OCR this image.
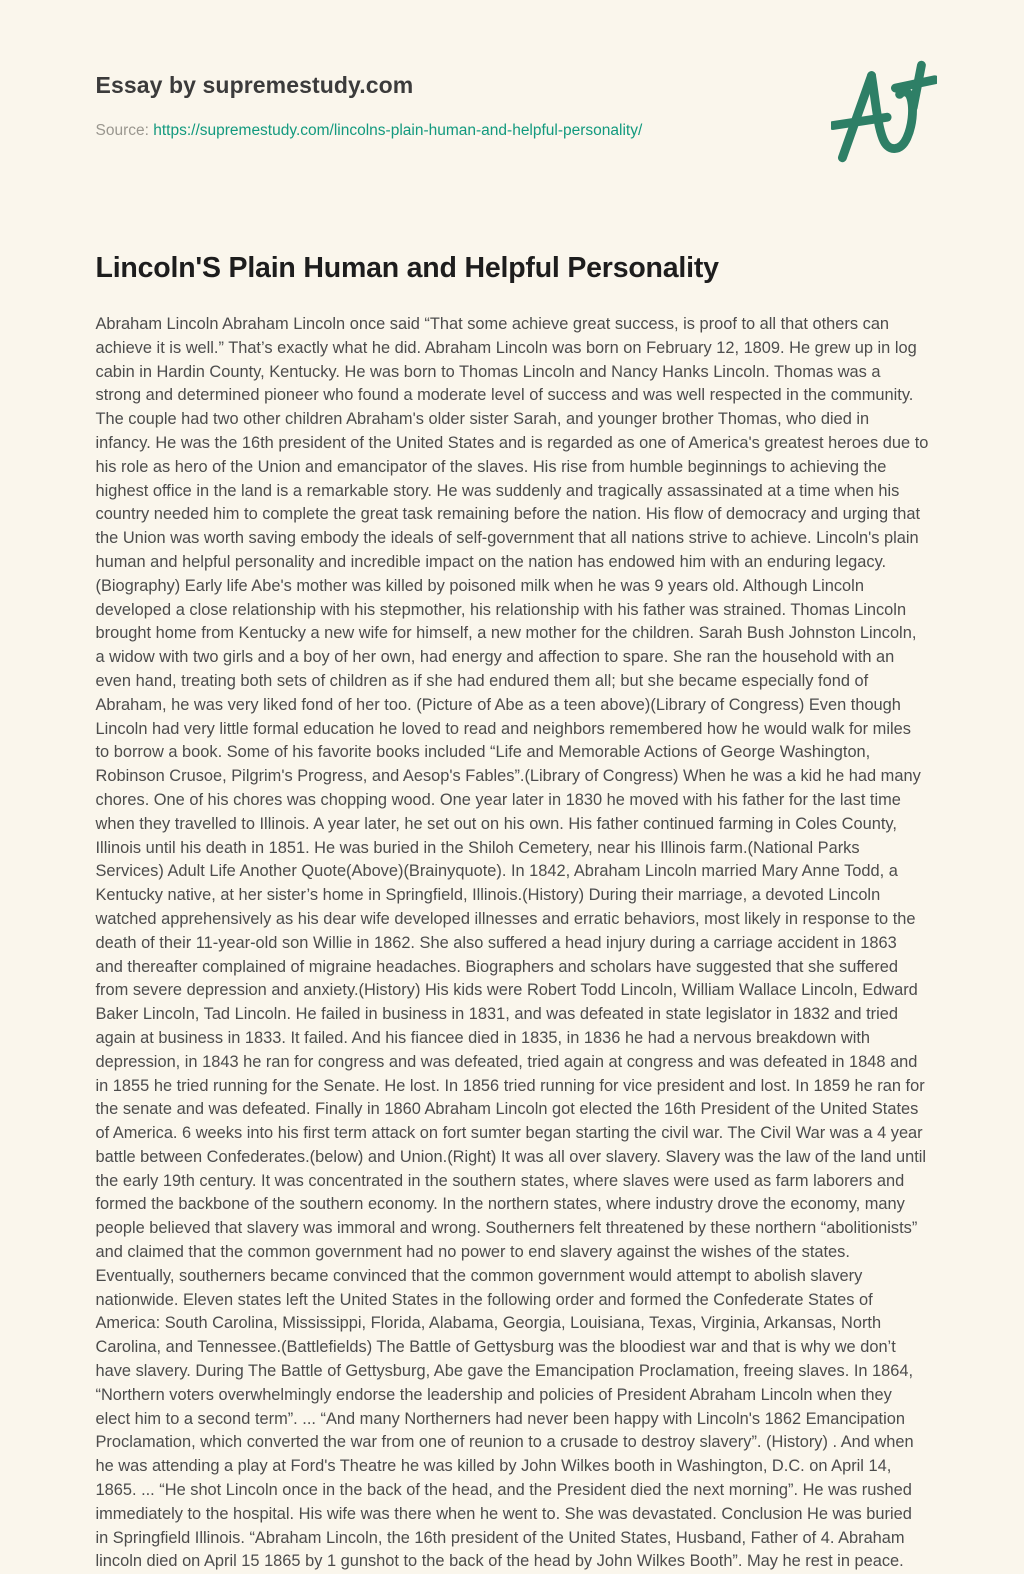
Essay by supremestudy.com
Source: https://supremestudy.com/lincolns-plain-human-and-helpful-personality/
Lincoln'S Plain Human and Helpful Personality

Abraham Lincoln Abraham Lincoln once said “That some achieve great success, is proof to all that others can achieve it is well.” That’s exactly what he did. Abraham Lincoln was born on February 12, 1809. He grew up in log cabin in Hardin County, Kentucky. He was born to Thomas Lincoln and Nancy Hanks Lincoln. Thomas was a strong and determined pioneer who found a moderate level of success and was well respected in the community. The couple had two other children Abraham's older sister Sarah, and younger brother Thomas, who died in infancy. He was the 16th president of the United States and is regarded as one of America's greatest heroes due to his role as hero of the Union and emancipator of the slaves. His rise from humble beginnings to achieving the highest office in the land is a remarkable story. He was suddenly and tragically assassinated at a time when his country needed him to complete the great task remaining before the nation. His flow of democracy and urging that the Union was worth saving embody the ideals of self-government that all nations strive to achieve. Lincoln's plain human and helpful personality and incredible impact on the nation has endowed him with an enduring legacy. (Biography) Early life Abe's mother was killed by poisoned milk when he was 9 years old. Although Lincoln developed a close relationship with his stepmother, his relationship with his father was strained. Thomas Lincoln brought home from Kentucky a new wife for himself, a new mother for the children. Sarah Bush Johnston Lincoln, a widow with two girls and a boy of her own, had energy and affection to spare. She ran the household with an even hand, treating both sets of children as if she had endured them all; but she became especially fond of Abraham, he was very liked fond of her too. (Picture of Abe as a teen above)(Library of Congress) Even though Lincoln had very little formal education he loved to read and neighbors remembered how he would walk for miles to borrow a book. Some of his favorite books included “Life and Memorable Actions of George Washington, Robinson Crusoe, Pilgrim's Progress, and Aesop's Fables”.(Library of Congress) When he was a kid he had many chores. One of his chores was chopping wood. One year later in 1830 he moved with his father for the last time when they travelled to Illinois. A year later, he set out on his own. His father continued farming in Coles County, Illinois until his death in 1851. He was buried in the Shiloh Cemetery, near his Illinois farm.(National Parks Services) Adult Life Another Quote(Above)(Brainyquote). In 1842, Abraham Lincoln married Mary Anne Todd, a Kentucky native, at her sister’s home in Springfield, Illinois.(History) During their marriage, a devoted Lincoln watched apprehensively as his dear wife developed illnesses and erratic behaviors, most likely in response to the death of their 11-year-old son Willie in 1862. She also suffered a head injury during a carriage accident in 1863 and thereafter complained of migraine headaches. Biographers and scholars have suggested that she suffered from severe depression and anxiety.(History) His kids were Robert Todd Lincoln, William Wallace Lincoln, Edward Baker Lincoln, Tad Lincoln. He failed in business in 1831, and was defeated in state legislator in 1832 and tried again at business in 1833. It failed. And his fiancee died in 1835, in 1836 he had a nervous breakdown with depression, in 1843 he ran for congress and was defeated, tried again at congress and was defeated in 1848 and in 1855 he tried running for the Senate. He lost. In 1856 tried running for vice president and lost. In 1859 he ran for the senate and was defeated. Finally in 1860 Abraham Lincoln got elected the 16th President of the United States of America. 6 weeks into his first term attack on fort sumter began starting the civil war. The Civil War was a 4 year battle between Confederates.(below) and Union.(Right) It was all over slavery. Slavery was the law of the land until the early 19th century. It was concentrated in the southern states, where slaves were used as farm laborers and formed the backbone of the southern economy. In the northern states, where industry drove the economy, many people believed that slavery was immoral and wrong. Southerners felt threatened by these northern “abolitionists” and claimed that the common government had no power to end slavery against the wishes of the states. Eventually, southerners became convinced that the common government would attempt to abolish slavery nationwide. Eleven states left the United States in the following order and formed the Confederate States of America: South Carolina, Mississippi, Florida, Alabama, Georgia, Louisiana, Texas, Virginia, Arkansas, North Carolina, and Tennessee.(Battlefields) The Battle of Gettysburg was the bloodiest war and that is why we don’t have slavery. During The Battle of Gettysburg, Abe gave the Emancipation Proclamation, freeing slaves. In 1864, “Northern voters overwhelmingly endorse the leadership and policies of President Abraham Lincoln when they elect him to a second term”. ... “And many Northerners had never been happy with Lincoln's 1862 Emancipation Proclamation, which converted the war from one of reunion to a crusade to destroy slavery”. (History) . And when he was attending a play at Ford's Theatre he was killed by John Wilkes booth in Washington, D.C. on April 14, 1865. ... “He shot Lincoln once in the back of the head, and the President died the next morning”. He was rushed immediately to the hospital. His wife was there when he went to. She was devastated. Conclusion He was buried in Springfield Illinois. “Abraham Lincoln, the 16th president of the United States, Husband, Father of 4. Abraham lincoln died on April 15 1865 by 1 gunshot to the back of the head by John Wilkes Booth”. May he rest in peace.
